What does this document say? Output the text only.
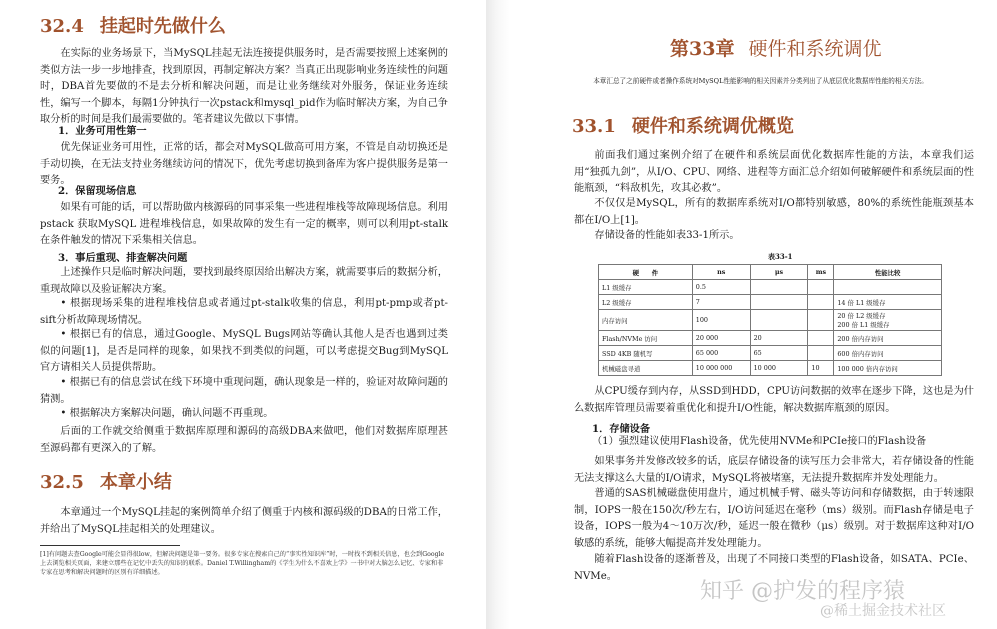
32.4 挂起时先做什么
在实际的业务场景下，当MySQL挂起无法连接提供服务时，是否需要按照上述案例的类似方法一步一步地排查，找到原因，再制定解决方案？当真正出现影响业务连续性的问题时，DBA首先要做的不是去分析和解决问题，而是让业务继续对外服务，保证业务连续性，编写一个脚本，每隔1分钟执行一次pstack和mysql_pid作为临时解决方案，为自己争取分析的时间是我们最需要做的。笔者建议先做以下事情。
1．业务可用性第一
优先保证业务可用性，正常的话，都会对MySQL做高可用方案，不管是自动切换还是手动切换，在无法支持业务继续访问的情况下，优先考虑切换到备库为客户提供服务是第一要务。
2．保留现场信息
如果有可能的话，可以帮助做内核源码的同事采集一些进程堆栈等故障现场信息。利用 pstack 获取MySQL 进程堆栈信息，如果故障的发生有一定的概率，则可以利用pt-stalk在条件触发的情况下采集相关信息。
3．事后重现、排查解决问题
上述操作只是临时解决问题，要找到最终原因给出解决方案，就需要事后的数据分析，重现故障以及验证解决方案。
• 根据现场采集的进程堆栈信息或者通过pt-stalk收集的信息，利用pt-pmp或者pt-sift分析故障现场情况。
• 根据已有的信息，通过Google、MySQL Bugs网站等确认其他人是否也遇到过类似的问题[1]，是否是同样的现象，如果找不到类似的问题，可以考虑提交Bug到MySQL官方请相关人员提供帮助。
• 根据已有的信息尝试在线下环境中重现问题，确认现象是一样的，验证对故障问题的猜测。
• 根据解决方案解决问题，确认问题不再重现。
后面的工作就交给侧重于数据库原理和源码的高级DBA来做吧，他们对数据库原理甚至源码都有更深入的了解。
32.5 本章小结
本章通过一个MySQL挂起的案例简单介绍了侧重于内核和源码级的DBA的日常工作，并给出了MySQL挂起相关的处理建议。
[1]有问题去查Google可能会显得很low，但解决问题是第一要务。很多专家在搜索自己的“事实性知识库”时，一时找不到相关信息，也会到Google上去浏览相关页面，来建立那些在记忆中丢失的知识的联系。Daniel T.Willingham的《学生为什么不喜欢上学》一书中对大脑怎么记忆、专家和非专家在思考和解决问题时的区别有详细描述。
第33章 硬件和系统调优
本章汇总了之前硬件或者操作系统对MySQL性能影响的相关因素并分类列出了从底层优化数据库性能的相关方法。
33.1 硬件和系统调优概览
前面我们通过案例介绍了在硬件和系统层面优化数据库性能的方法，本章我们运用“独孤九剑”，从I/O、CPU、网络、进程等方面汇总介绍如何破解硬件和系统层面的性能瓶颈，“料敌机先，攻其必救”。
不仅仅是MySQL，所有的数据库系统对I/O都特别敏感，80%的系统性能瓶颈基本都在I/O上[1]。
存储设备的性能如表33-1所示。
表33-1
硬　　件	ns	μs	ms	性能比较
L1 级缓存	0.5			
L2 级缓存	7			14 倍 L1 级缓存
内存访问	100			20 倍 L2 级缓存
200 倍 L1 级缓存
Flash/NVMe 访问	20 000	20		200 倍内存访问
SSD 4KB 随机写	65 000	65		600 倍内存访问
机械磁盘寻道	10 000 000	10 000	10	100 000 倍内存访问
从CPU缓存到内存，从SSD到HDD，CPU访问数据的效率在逐步下降，这也是为什么数据库管理员需要着重优化和提升I/O性能，解决数据库瓶颈的原因。
1．存储设备
（1）强烈建议使用Flash设备，优先使用NVMe和PCIe接口的Flash设备
如果事务并发修改较多的话，底层存储设备的读写压力会非常大，若存储设备的性能无法支撑这么大量的I/O请求，MySQL将被堵塞，无法提升数据库并发处理能力。
普通的SAS机械磁盘使用盘片，通过机械手臂、磁头等访问和存储数据，由于转速限制，IOPS一般在150次/秒左右，I/O访问延迟在毫秒（ms）级别。而Flash存储是电子设备，IOPS一般为4～10万次/秒，延迟一般在微秒（μs）级别。对于数据库这种对I/O敏感的系统，能够大幅提高并发处理能力。
随着Flash设备的逐渐普及，出现了不同接口类型的Flash设备，如SATA、PCIe、NVMe。
知乎 @护发的程序猿
@稀土掘金技术社区
